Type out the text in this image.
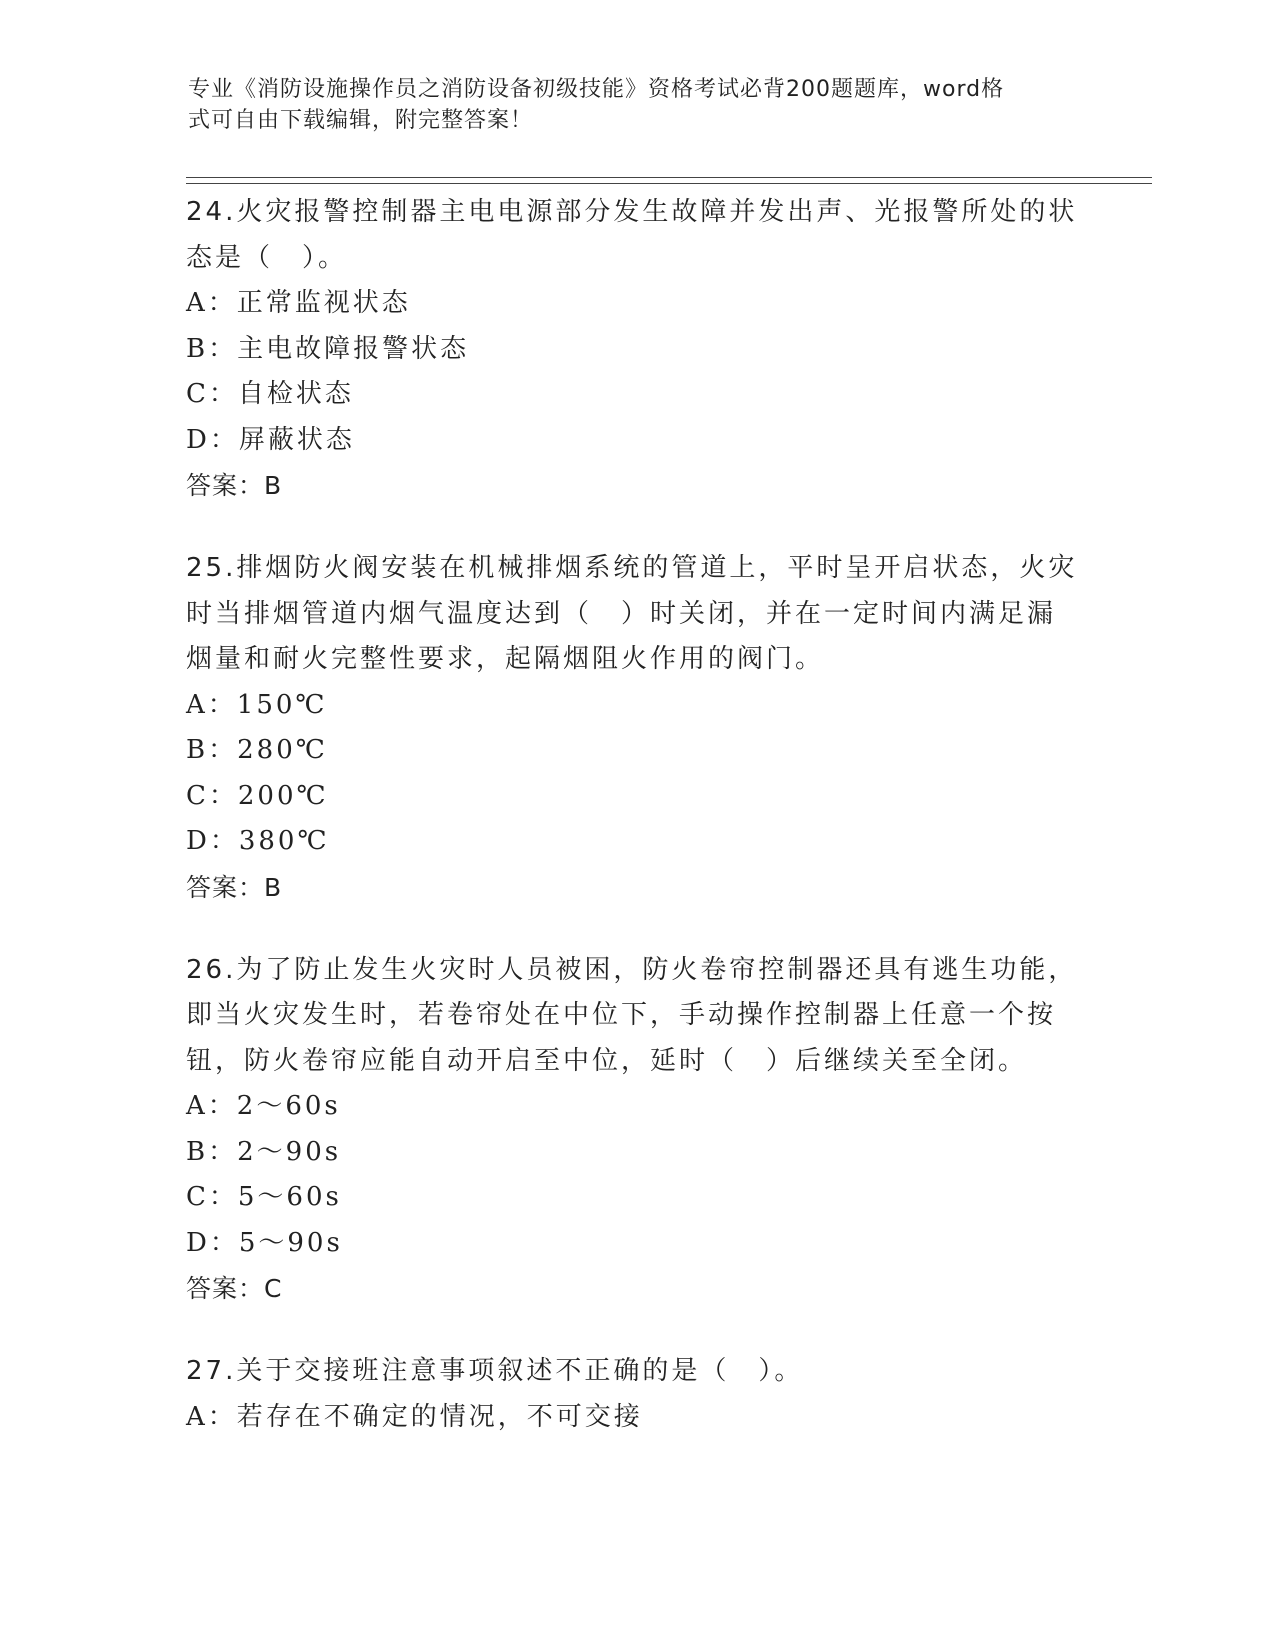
专业《消防设施操作员之消防设备初级技能》资格考试必背200题题库，word格
式可自由下载编辑，附完整答案！
24.火灾报警控制器主电电源部分发生故障并发出声、光报警所处的状
态是（　）。
A：正常监视状态
B：主电故障报警状态
C：自检状态
D：屏蔽状态
答案：B
25.排烟防火阀安装在机械排烟系统的管道上，平时呈开启状态，火灾
时当排烟管道内烟气温度达到（　）时关闭，并在一定时间内满足漏
烟量和耐火完整性要求，起隔烟阻火作用的阀门。
A：150℃
B：280℃
C：200℃
D：380℃
答案：B
26.为了防止发生火灾时人员被困，防火卷帘控制器还具有逃生功能，
即当火灾发生时，若卷帘处在中位下，手动操作控制器上任意一个按
钮，防火卷帘应能自动开启至中位，延时（　）后继续关至全闭。
A：2～60s
B：2～90s
C：5～60s
D：5～90s
答案：C
27.关于交接班注意事项叙述不正确的是（　）。
A：若存在不确定的情况，不可交接
